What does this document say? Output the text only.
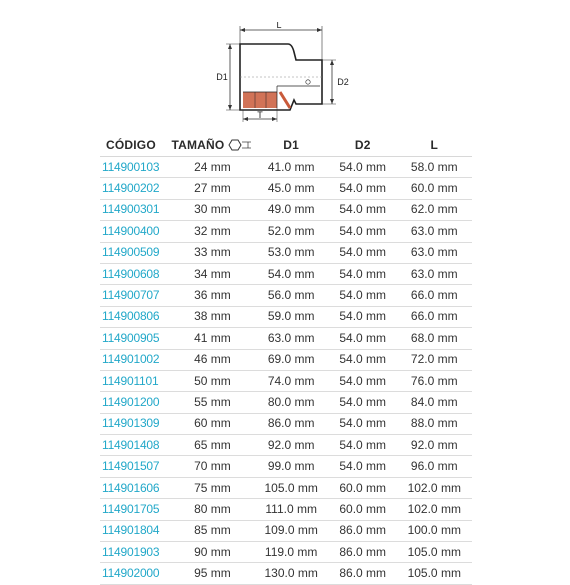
L
D1	D2
T
CÓDIGO	TAMAÑO	D1	D2	L
114900103	24 mm	41.0 mm	54.0 mm	58.0 mm
114900202	27 mm	45.0 mm	54.0 mm	60.0 mm
114900301	30 mm	49.0 mm	54.0 mm	62.0 mm
114900400	32 mm	52.0 mm	54.0 mm	63.0 mm
114900509	33 mm	53.0 mm	54.0 mm	63.0 mm
114900608	34 mm	54.0 mm	54.0 mm	63.0 mm
114900707	36 mm	56.0 mm	54.0 mm	66.0 mm
114900806	38 mm	59.0 mm	54.0 mm	66.0 mm
114900905	41 mm	63.0 mm	54.0 mm	68.0 mm
114901002	46 mm	69.0 mm	54.0 mm	72.0 mm
114901101	50 mm	74.0 mm	54.0 mm	76.0 mm
114901200	55 mm	80.0 mm	54.0 mm	84.0 mm
114901309	60 mm	86.0 mm	54.0 mm	88.0 mm
114901408	65 mm	92.0 mm	54.0 mm	92.0 mm
114901507	70 mm	99.0 mm	54.0 mm	96.0 mm
114901606	75 mm	105.0 mm	60.0 mm	102.0 mm
114901705	80 mm	111.0 mm	60.0 mm	102.0 mm
114901804	85 mm	109.0 mm	86.0 mm	100.0 mm
114901903	90 mm	119.0 mm	86.0 mm	105.0 mm
114902000	95 mm	130.0 mm	86.0 mm	105.0 mm
